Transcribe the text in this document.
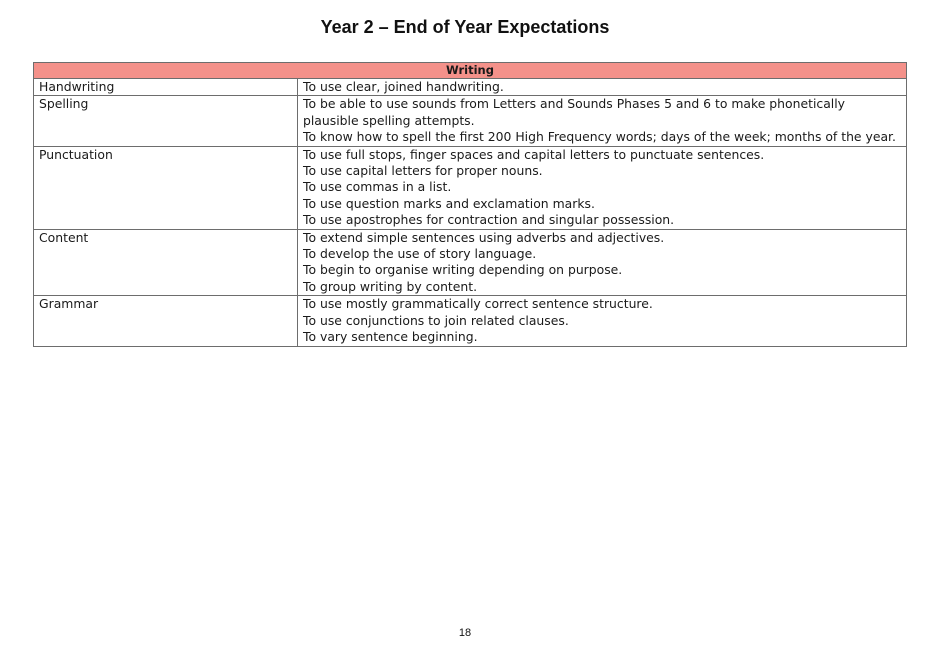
Year 2 – End of Year Expectations
Writing	
Handwriting	To use clear, joined handwriting.

Spelling	To be able to use sounds from Letters and Sounds Phases 5 and 6 to make phonetically plausible spelling attempts.
To know how to spell the first 200 High Frequency words; days of the week; months of the year.

Punctuation	To use full stops, finger spaces and capital letters to punctuate sentences.
To use capital letters for proper nouns.
To use commas in a list.
To use question marks and exclamation marks.
To use apostrophes for contraction and singular possession.

Content	To extend simple sentences using adverbs and adjectives.
To develop the use of story language.
To begin to organise writing depending on purpose.
To group writing by content.

Grammar	To use mostly grammatically correct sentence structure.
To use conjunctions to join related clauses.
To vary sentence beginning.
18
